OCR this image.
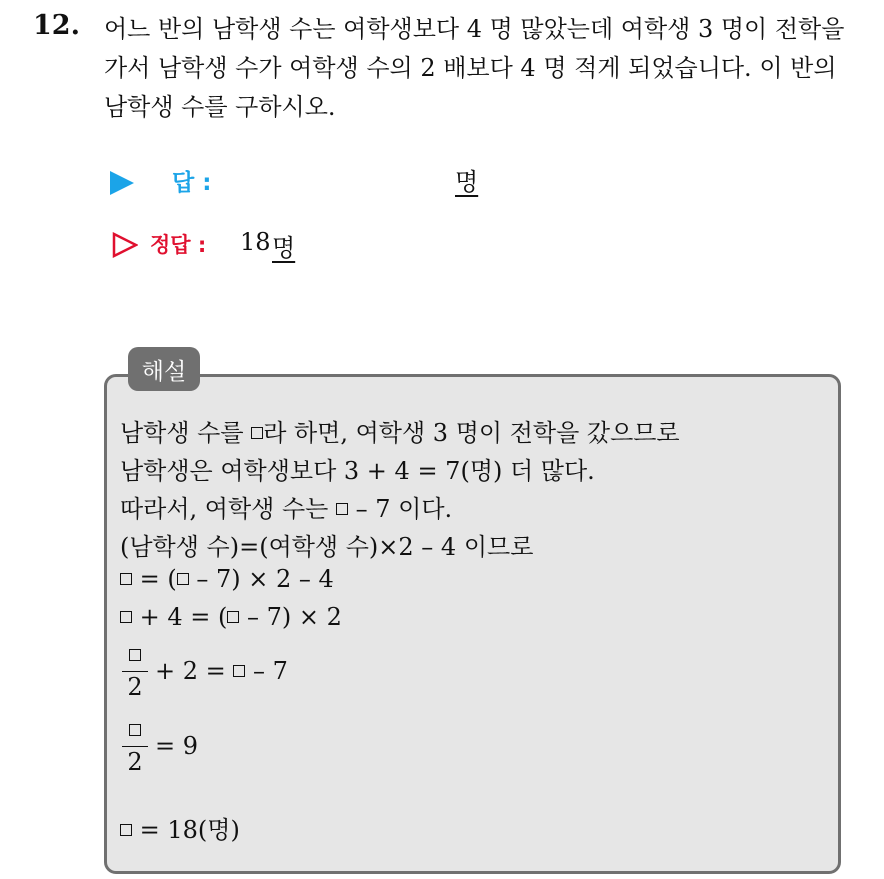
12. 어느 반의 남학생 수는 여학생보다 4 명 많았는데 여학생 3 명이 전학을
가서 남학생 수가 여학생 수의 2 배보다 4 명 적게 되었습니다. 이 반의
남학생 수를 구하시오.
답 :	명
정답 : 18 명
해설
남학생 수를 라 하면, 여학생 3 명이 전학을 갔으므로
남학생은 여학생보다 3 + 4 = 7(명) 더 많다.
따라서, 여학생 수는  – 7 이다.
(남학생 수)=(여학생 수)×2 – 4 이므로
= ( – 7) × 2 – 4
+ 4 = ( – 7) × 2
2
+ 2 =  – 7
2
= 9
= 18(명)
